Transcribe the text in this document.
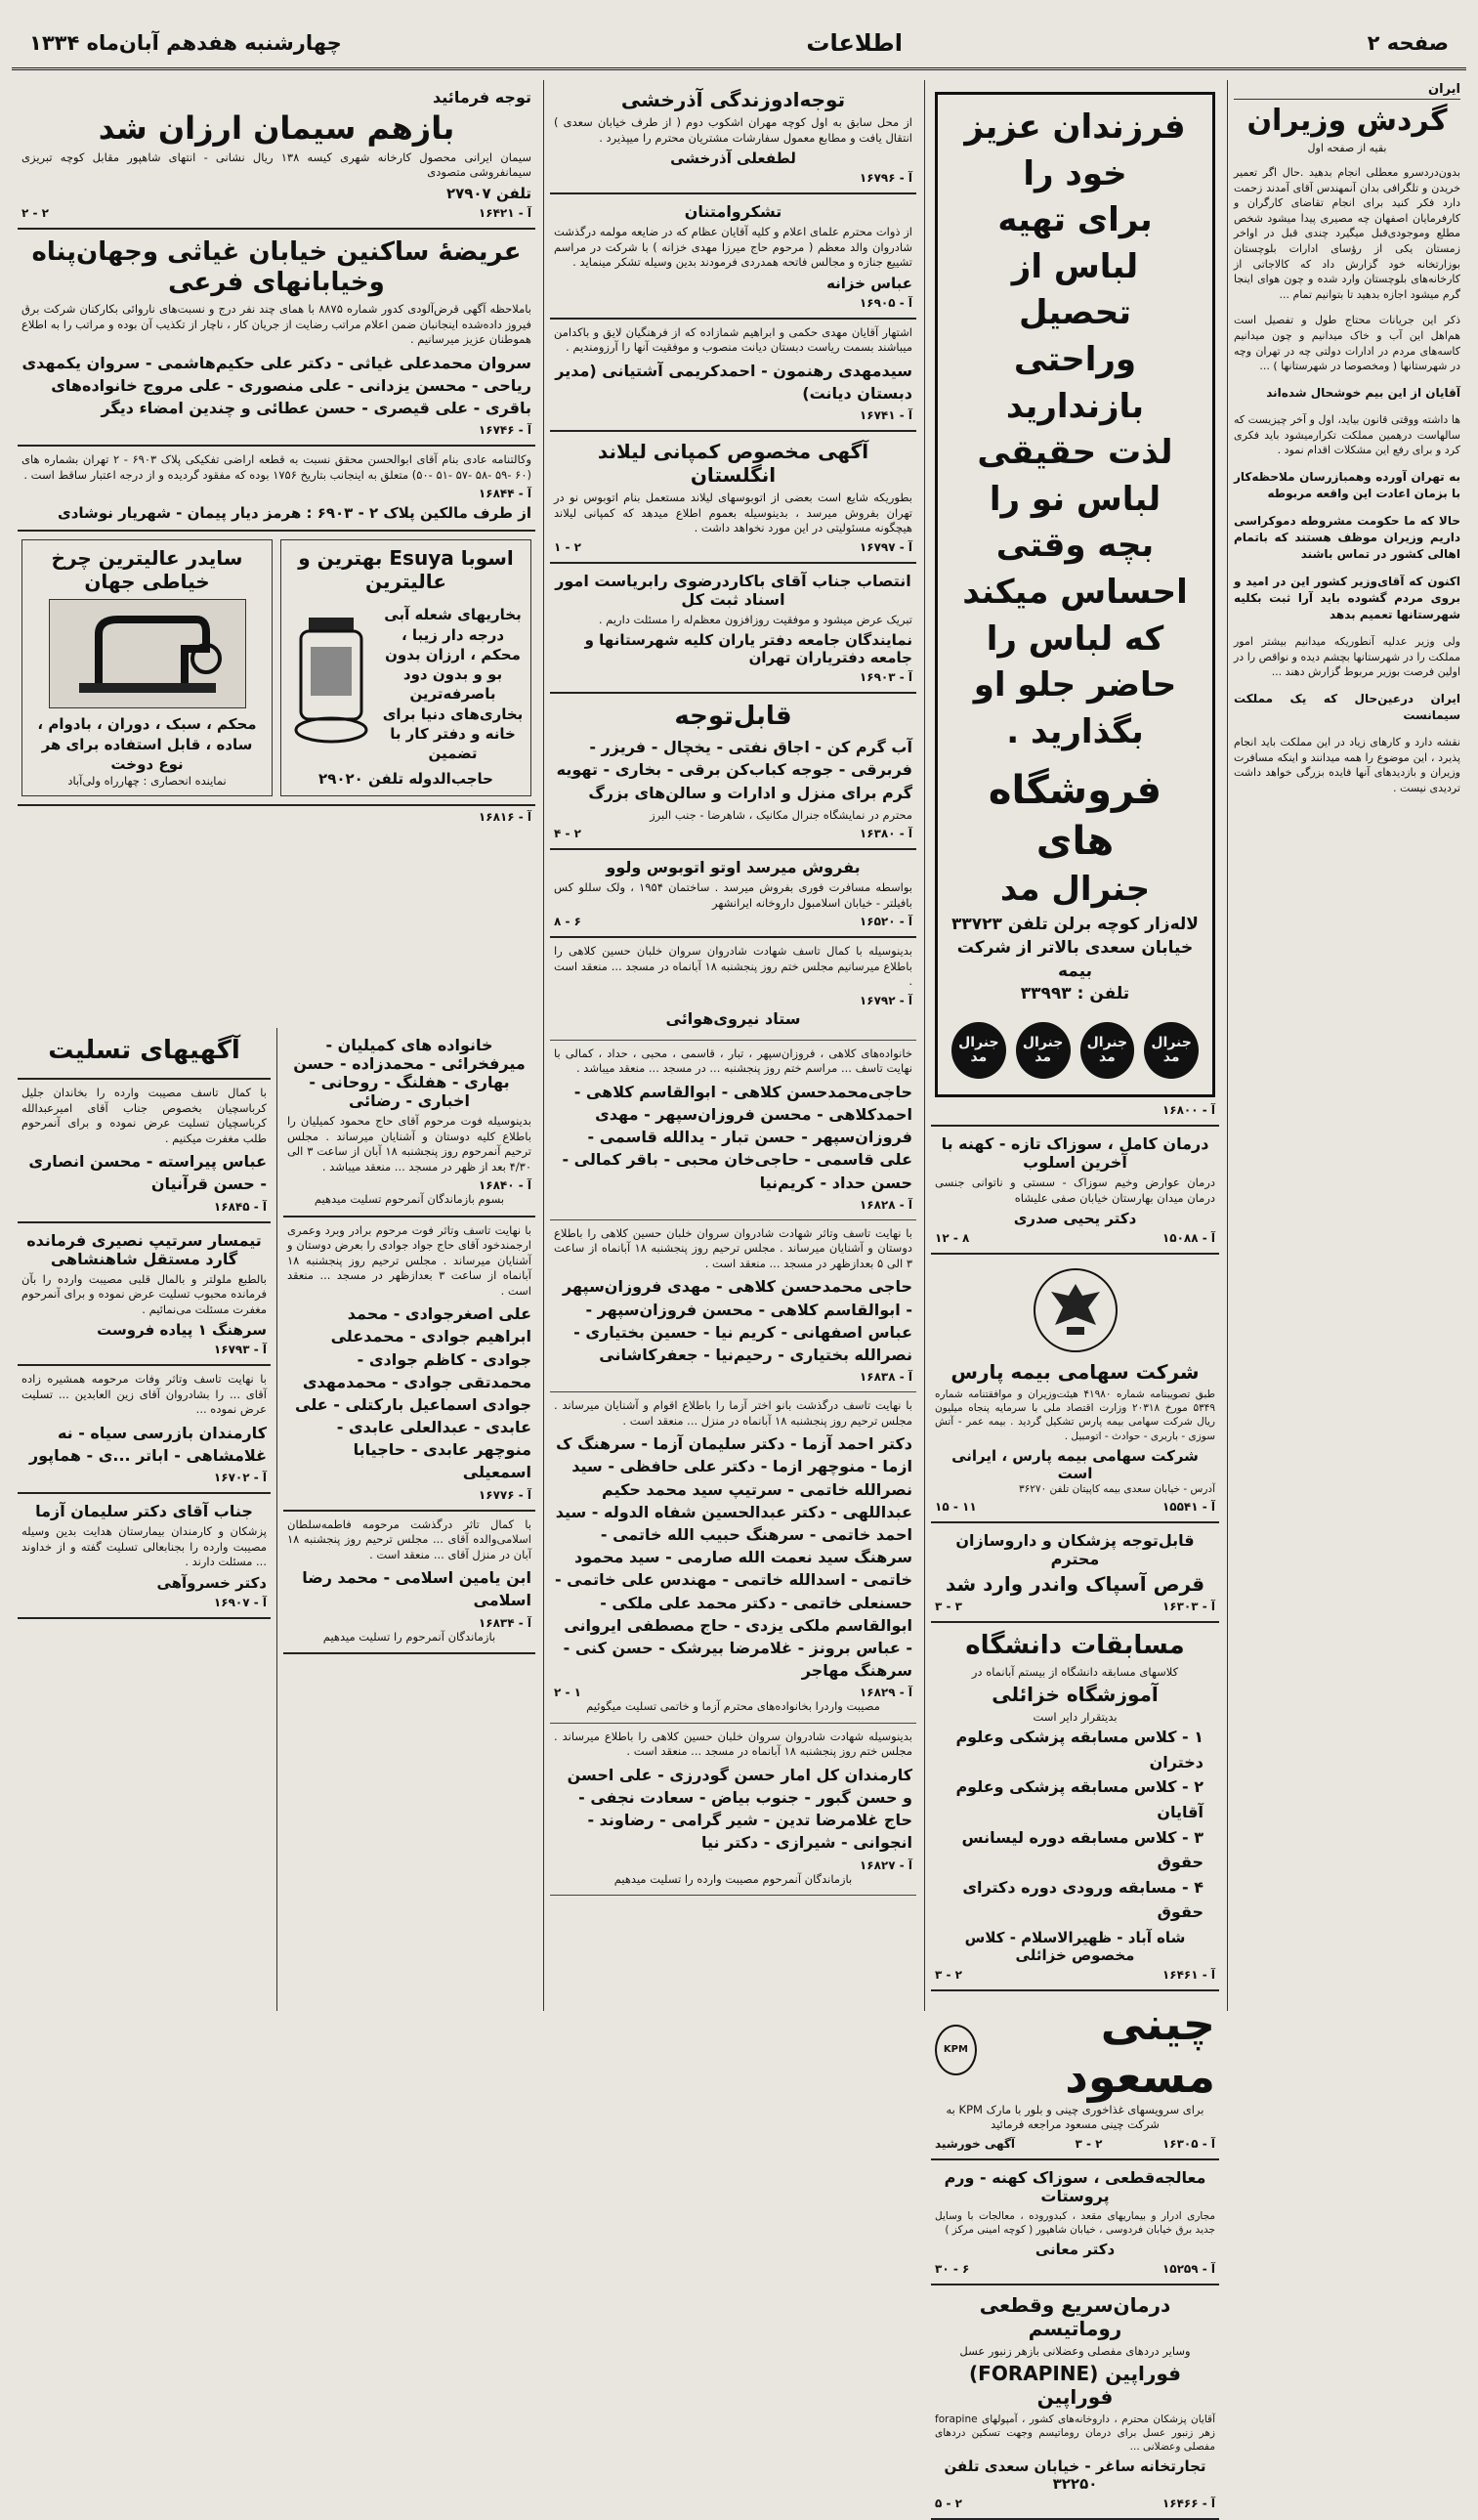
صفحه ۲
اطلاعات
چهارشنبه هفدهم آبان‌ماه ۱۳۳۴
ایران
گردش وزیران
بقیه از صفحه اول

بدون‌دردسرو معطلی انجام بدهید .حال اگر تعمیر خریدن و تلگرافی بدان آنمهندس آقای آمدند زحمت دارد فکر کنید برای انجام تقاضای کارگران و کارفرمایان اصفهان چه مصیری پیدا میشود شخص مطلع وموجودی‌قبل میگیرد چندی قبل در اواخر زمستان یکی از رؤسای ادارات بلوچستان بوزارتخانه خود گزارش داد که کالاجاتی از کارخانه‌های بلوچستان وارد شده و چون هوای اینجا گرم میشود اجازه بدهید تا بتوانیم تمام ...

ذکر این جریانات محتاج طول و تفصیل است هم‌اهل این آب و خاک میدانیم و چون میدانیم کاسه‌های مردم در ادارات دولتی چه در تهران وچه در شهرستانها ( ومخصوصا در شهرستانها ) ...

آقایان از این بیم خوشحال شده‌اند

ها داشته ووقتی قانون بیاید، اول و آخر چیزیست که سالهاست درهمین مملکت تکرارمیشود باید فکری کرد و برای رفع این مشکلات اقدام نمود .

به تهران آورده وهمبازرسان ملاحظه‌کار با بزمان اعادت این واقعه مربوطه

حالا که ما حکومت مشروطه دموکراسی داریم وزیران موظف هستند که باتمام اهالی کشور در تماس باشند

اکنون که آقای‌وزیر کشور این در امید و بروی مردم گشوده باید آرا ثبت بکلیه شهرستانها تعمیم بدهد

ولی وزیر عدلیه آنطوریکه میدانیم بیشتر امور مملکت را در شهرستانها بچشم دیده و نواقص را در اولین فرصت بوزیر مربوط گزارش دهند ...

ایران درعین‌حال که یک مملکت سیمانست

نقشه دارد و کارهای زیاد در این مملکت باید انجام پذیرد ، این موضوع را همه میدانند و اینکه مسافرت وزیران و بازدیدهای آنها فایده بزرگی خواهد داشت تردیدی نیست .

فرزندان عزیز خود را
برای تهیه لباس از تحصیل
وراحتی بازندارید
لذت حقیقی لباس نو را
بچه وقتی احساس میکند
که لباس را حاضر جلو او
بگذارید .
فروشگاه های
جنرال مد
لاله‌زار کوچه برلن تلفن ۳۳۷۲۳
خیابان سعدی بالاتر از شرکت بیمه
تلفن : ۳۳۹۹۳
جنرال مد
جنرال مد
جنرال مد
جنرال مد
آ - ۱۶۸۰۰
درمان کامل ، سوزاک تازه - کهنه با آخرین اسلوب
درمان عوارض وخیم سوزاک - سستی و ناتوانی جنسی درمان میدان بهارستان خیابان صفی علیشاه
دکتر یحیی صدری
آ - ۱۵۰۸۸
۸ - ۱۲
شرکت سهامی بیمه پارس
طبق تصویبنامه شماره ۴۱۹۸۰ هیئت‌وزیران و موافقتنامه شماره ۵۳۴۹ مورخ ۲۰۳۱۸ وزارت اقتصاد ملی با سرمایه پنجاه میلیون ریال شرکت سهامی بیمه پارس تشکیل گردید . بیمه عمر - آتش سوزی - باربری - حوادث - اتومبیل .
شرکت سهامی بیمه پارس ، ایرانی است
آدرس - خیابان سعدی بیمه کاپیتان تلفن ۳۶۲۷۰
آ - ۱۵۵۴۱
۱۱ - ۱۵
قابل‌توجه پزشکان و داروسازان محترم
قرص آسپاک واندر وارد شد
آ - ۱۶۳۰۳
۳ - ۳
مسابقات دانشگاه
کلاسهای مسابقه دانشگاه از بیستم آبانماه در
آموزشگاه خزائلی
بدیتقرار دایر است
۱ - کلاس مسابقه پزشکی وعلوم دختران
۲ - کلاس مسابقه پزشکی وعلوم آقایان
۳ - کلاس مسابقه دوره لیسانس حقوق
۴ - مسابقه ورودی دوره دکترای حقوق
شاه آباد - ظهیرالاسلام - کلاس مخصوص خزائلی
آ - ۱۶۴۶۱
۲ - ۳
چینی مسعود
KPM
برای سرویسهای غذاخوری چینی و بلور با مارک KPM به شرکت چینی مسعود مراجعه فرمائید
آ - ۱۶۳۰۵
۲ - ۳
آگهی خورشید
معالجه‌قطعی ، سوزاک کهنه - ورم پروستات
مجاری ادرار و بیماریهای مقعد ، کبدوروده ، معالجات با وسایل جدید برق خیابان فردوسی ، خیابان شاهپور ( کوچه امینی مرکز )
دکتر معانی
آ - ۱۵۲۵۹
۶ - ۳۰
درمان‌سریع وقطعی روماتیسم
وسایر دردهای مفصلی وعضلانی بازهر زنبور عسل
فوراپین (FORAPINE) فوراپین
آقایان پزشکان محترم ، داروخانه‌های کشور ، آمپولهای forapine زهر زنبور عسل برای درمان روماتیسم وجهت تسکین دردهای مفصلی وعضلانی ...
تجارتخانه ساغر - خیابان سعدی تلفن ۳۲۲۵۰
آ - ۱۶۴۶۶
۲ - ۵
توجه‌ادوزندگی آذرخشی
از محل سابق به اول کوچه مهران اشکوب دوم ( از طرف خیابان سعدی ) انتقال یافت و مطابع معمول سفارشات مشتریان محترم را میپذیرد .
لطفعلی آذرخشی
آ - ۱۶۷۹۶
تشکروامتنان
از ذوات محترم علمای اعلام و کلیه آقایان عظام که در ضایعه مولمه درگذشت شادروان والد معظم ( مرحوم حاج میرزا مهدی خزانه ) با شرکت در مراسم تشییع جنازه و مجالس فاتحه همدردی فرمودند بدین وسیله تشکر مینماید .
عباس خزانه
آ - ۱۶۹۰۵
اشتهار آقایان مهدی حکمی و ابراهیم شمازاده که از فرهنگیان لایق و باکدامن میباشند بسمت ریاست دبستان دیانت منصوب و موفقیت آنها را آرزومندیم .
سیدمهدی رهنمون - احمدکریمی آشتیانی (مدیر دبستان دیانت)
آ - ۱۶۷۴۱
آگهی مخصوص کمپانی لیلاند انگلستان
بطوریکه شایع است بعضی از اتوبوسهای لیلاند مستعمل بنام اتوبوس نو در تهران بفروش میرسد ، بدینوسیله بعموم اطلاع میدهد که کمپانی لیلاند هیچگونه مسئولیتی در این مورد نخواهد داشت .
آ - ۱۶۷۹۷
۲ - ۱
انتصاب جناب آقای باکاردرضوی‌ رابریاست امور اسناد ثبت کل
تبریک عرض میشود و موفقیت روزافزون معظم‌له را مسئلت داریم .
نمایندگان جامعه دفتر یاران کلیه شهرستانها و جامعه دفتریاران تهران
آ - ۱۶۹۰۳
قابل‌توجه
آب گرم کن - اجاق نفتی - یخچال - فریزر - فربرقی - جوجه کباب‌کن برقی - بخاری - تهویه گرم برای منزل و ادارات و سالن‌های بزرگ
محترم در نمایشگاه جنرال مکانیک ، شاهرضا - جنب البرز
آ - ۱۶۳۸۰
۲ - ۴
بفروش میرسد اوتو اتوبوس ولوو
بواسطه مسافرت فوری بفروش میرسد . ساختمان ۱۹۵۴ ، ولک سللو کس بافیلتر - خیابان اسلامبول داروخانه ایرانشهر
آ - ۱۶۵۲۰
۶ - ۸
بدینوسیله با کمال تاسف شهادت شادروان سروان خلبان حسین کلاهی را باطلاع میرسانیم مجلس ختم روز پنجشنبه ۱۸ آبانماه در مسجد ... منعقد است .
آ - ۱۶۷۹۲
ستاد نیروی‌هوائی
خانواده‌های کلاهی ، فروزان‌سپهر ، تبار ، قاسمی ، محبی ، حداد ، کمالی با نهایت تاسف ... مراسم ختم روز پنجشنبه ... در مسجد ... منعقد میباشد .
حاجی‌محمدحسن کلاهی - ابوالقاسم کلاهی - احمدکلاهی - محسن فروزان‌سپهر - مهدی فروزان‌سپهر - حسن تبار - یدالله قاسمی - علی قاسمی - حاجی‌خان محبی - باقر کمالی - حسن حداد - کریم‌نیا
آ - ۱۶۸۲۸
با نهایت تاسف وتاثر شهادت شادروان سروان خلبان حسین کلاهی را باطلاع دوستان و آشنایان میرساند . مجلس ترحیم روز پنجشنبه ۱۸ آبانماه از ساعت ۳ الی ۵ بعدازظهر در مسجد ... منعقد است .
حاجی محمدحسن کلاهی - مهدی فروزان‌سپهر - ابوالقاسم کلاهی - محسن فروزان‌سپهر - عباس اصفهانی - کریم نیا - حسین بختیاری - نصرالله بختیاری - رحیم‌نیا - جعفرکاشانی
آ - ۱۶۸۳۸
با نهایت تاسف درگذشت بانو اختر آزما را باطلاع اقوام و آشنایان میرساند . مجلس ترحیم روز پنجشنبه ۱۸ آبانماه در منزل ... منعقد است .
دکتر احمد آزما - دکتر سلیمان آزما - سرهنگ ک ازما - منوچهر ازما - دکتر علی حافظی - سید نصرالله خاتمی - سرتیپ سید محمد حکیم عبداللهی - دکتر عبدالحسین شفاه الدوله - سید احمد خاتمی - سرهنگ حبیب الله خاتمی - سرهنگ سید نعمت الله صارمی - سید محمود خاتمی - اسدالله خاتمی - مهندس علی خاتمی - حسنعلی خاتمی - دکتر محمد علی ملکی - ابوالقاسم ملکی یزدی - حاج مصطفی ایروانی - عباس برونز - غلامرضا بیرشک - حسن کنی - سرهنگ مهاجر
آ - ۱۶۸۲۹
۱ - ۲
مصیبت واردرا بخانواده‌های محترم آزما و خاتمی تسلیت میگوئیم
بدینوسیله شهادت شادروان سروان خلبان حسین کلاهی را باطلاع میرساند . مجلس ختم روز پنجشنبه ۱۸ آبانماه در مسجد ... منعقد است .
کارمندان کل امار حسن گودرزی - علی احسن و حسن گبور - جنوب بیاض - سعادت نجفی - حاج غلامرضا تدین - شیر گرامی - رضاوند - انجوانی - شیرازی - دکتر نیا
آ - ۱۶۸۲۷
بازماندگان آنمرحوم مصیبت وارده را تسلیت میدهیم
توجه فرمائید
بازهم سیمان ارزان شد
سیمان ایرانی محصول کارخانه شهری کیسه ۱۳۸ ریال نشانی - انتهای شاهپور مقابل کوچه تبریزی سیمانفروشی متصودی
تلفن ۲۷۹۰۷
آ - ۱۶۴۲۱
۲ - ۲
عریضهٔ ساکنین خیابان غیاثی وجهان‌پناه وخیابانهای فرعی
باملاحظه آگهی قرض‌آلودی کدور شماره ۸۸۷۵ با همای چند نفر درج و نسبت‌های ناروائی بکارکنان شرکت برق فیروز داده‌شده اینجانبان ضمن اعلام مراتب رضایت از جریان کار ، ناچار از تکذیب آن بوده و مراتب را به اطلاع هموطنان عزیز میرسانیم .
سروان محمدعلی غیاثی - دکتر علی حکیم‌هاشمی - سروان یکمهدی ریاحی - محسن یزدانی - علی منصوری - علی مروج خانواده‌های باقری - علی قیصری - حسن عطائی و چندین امضاء دیگر
آ - ۱۶۷۴۶
وکالتنامه عادی بنام آقای ابوالحسن محقق نسبت به قطعه اراضی تفکیکی پلاک ۶۹۰۳ - ۲ تهران بشماره های (۶۰ -۵۹ -۵۸ -۵۷ -۵۱ -۵۰) متعلق به اینجانب بتاریخ ۱۷۵۶ بوده که مفقود گردیده و از درجه اعتبار ساقط است .
آ - ۱۶۸۴۴
از طرف مالکین پلاک ۲ - ۶۹۰۳ : هرمز دیار پیمان - شهریار نوشادی
اسوبا Esuya بهترین و عالیترین
بخاریهای شعله آبی درجه دار زیبا ، محکم ، ارزان بدون بو و بدون دود باصرفه‌ترین بخاری‌های دنیا برای خانه و دفتر کار با تضمین
حاجب‌الدوله تلفن ۲۹۰۲۰
سایدر عالیترین چرخ خیاطی جهان
محکم ، سبک ، دوران ، بادوام ، ساده ، قابل استفاده برای هر نوع دوخت
نماینده انحصاری : چهارراه ولی‌آباد
آ - ۱۶۸۱۶
خانواده های کمیلیان - میرفخرائی - محمدزاده - حسن بهاری - هفلنگ - روحانی - اخباری - رضائی
بدینوسیله فوت مرحوم آقای حاج محمود کمیلیان را باطلاع کلیه دوستان و آشنایان میرساند . مجلس ترحیم آنمرحوم روز پنجشنبه ۱۸ آبان از ساعت ۳ الی ۴/۳۰ بعد از ظهر در مسجد ... منعقد میباشد .
آ - ۱۶۸۴۰
بسوم بازماندگان آنمرحوم تسلیت میدهیم
با نهایت تاسف وتاثر فوت مرحوم برادر وبرد وعمری ارجمندخود آقای حاج جواد جوادی را بعرض دوستان و آشنایان میرساند . مجلس ترحیم روز پنجشنبه ۱۸ آبانماه از ساعت ۳ بعدازظهر در مسجد ... منعقد است .
علی اصغرجوادی - محمد ابراهیم جوادی - محمدعلی جوادی - کاظم جوادی - محمدتقی جوادی - محمدمهدی جوادی اسماعیل بارکتلی - علی عابدی - عبدالعلی عابدی - منوچهر عابدی - حاجیابا اسمعیلی
آ - ۱۶۷۷۶
با کمال تاثر درگذشت مرحومه فاطمه‌سلطان اسلامی‌والده آقای ... مجلس ترحیم روز پنجشنبه ۱۸ آبان در منزل آقای ... منعقد است .
ابن یامین اسلامی - محمد رضا اسلامی
آ - ۱۶۸۳۴
بازماندگان آنمرحوم را تسلیت میدهیم
آگهیهای تسلیت
با کمال تاسف مصیبت وارده را بخاندان جلیل کرباسچیان بخصوص جناب آقای امیرعبدالله کرباسچیان تسلیت عرض نموده و برای آنمرحوم طلب مغفرت میکنیم .
عباس پیراسته - محسن انصاری - حسن قرآنیان
آ - ۱۶۸۴۵
تیمسار سرتیپ نصیری فرمانده گارد مستقل شاهنشاهی
بالطبع ملولتر و بالمال قلبی مصیبت وارده را بآن فرمانده محبوب تسلیت عرض نموده و برای آنمرحوم مغفرت مسئلت می‌نمائیم .
سرهنگ ۱ پیاده فروست
آ - ۱۶۷۹۳
با نهایت تاسف وتاثر وفات مرحومه همشیره زاده آقای ... را بشادروان آقای زین العابدین ... تسلیت عرض نموده ...
کارمندان بازرسی سیاه - نه غلامشاهی - اباتر ...ی - هماپور
آ - ۱۶۷۰۲
جناب آقای دکتر سلیمان آزما
پزشکان و کارمندان بیمارستان هدایت بدین وسیله مصیبت وارده را بجنابعالی تسلیت گفته و از خداوند ... مسئلت دارند .
دکتر خسروآهی
آ - ۱۶۹۰۷
